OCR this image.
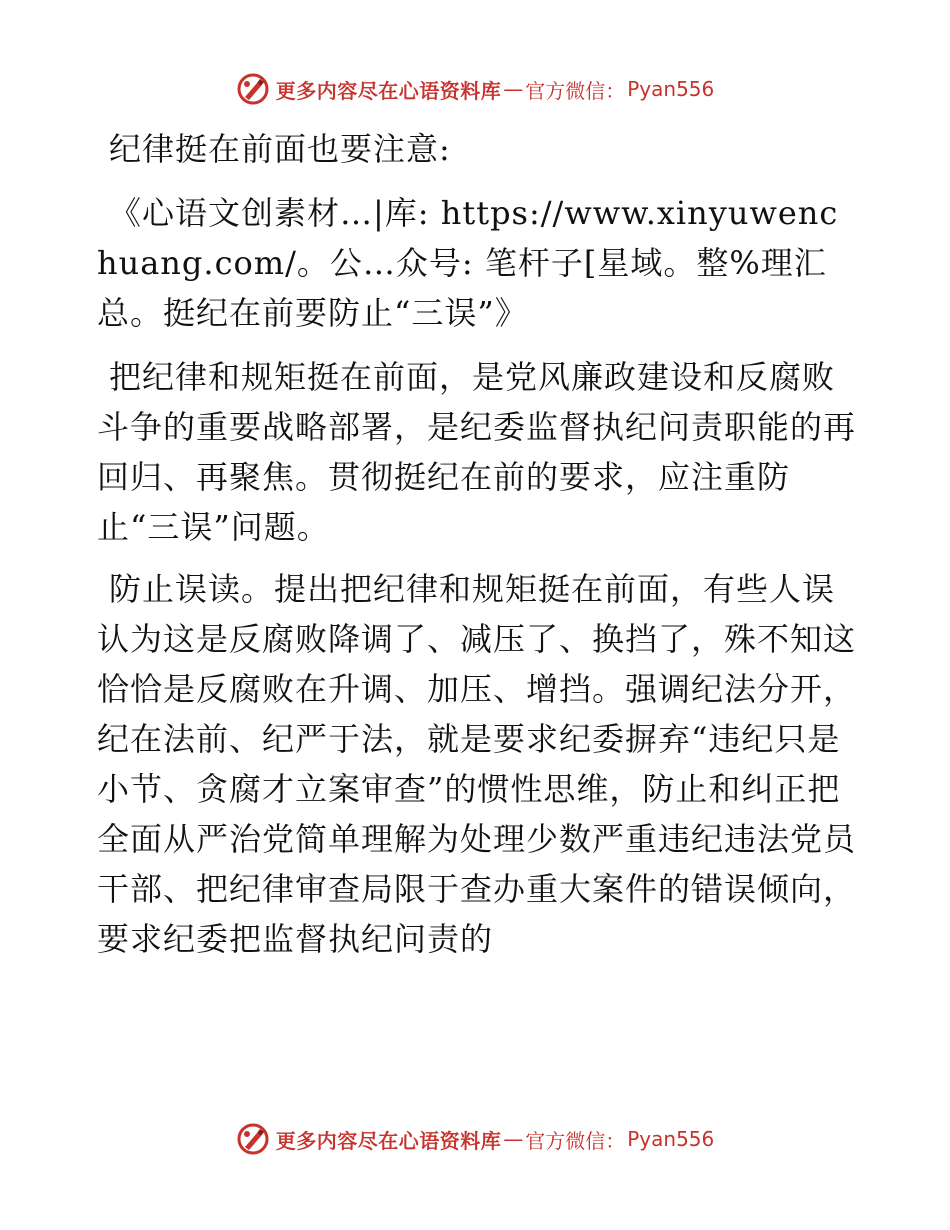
更多内容尽在心语资料库 — 官方微信： Pyan556

纪律挺在前面也要注意:

《心语文创素材…|库: https://www.xinyuwenchuang.com/。公…众号: 笔杆子[星域。整%理汇总。挺纪在前要防止“三误”》

把纪律和规矩挺在前面，是党风廉政建设和反腐败斗争的重要战略部署，是纪委监督执纪问责职能的再回归、再聚焦。贯彻挺纪在前的要求，应注重防止“三误”问题。

防止误读。提出把纪律和规矩挺在前面，有些人误认为这是反腐败降调了、减压了、换挡了，殊不知这恰恰是反腐败在升调、加压、增挡。强调纪法分开，纪在法前、纪严于法，就是要求纪委摒弃“违纪只是小节、贪腐才立案审查”的惯性思维，防止和纠正把全面从严治党简单理解为处理少数严重违纪违法党员干部、把纪律审查局限于查办重大案件的错误倾向，要求纪委把监督执纪问责的

更多内容尽在心语资料库 — 官方微信： Pyan556
